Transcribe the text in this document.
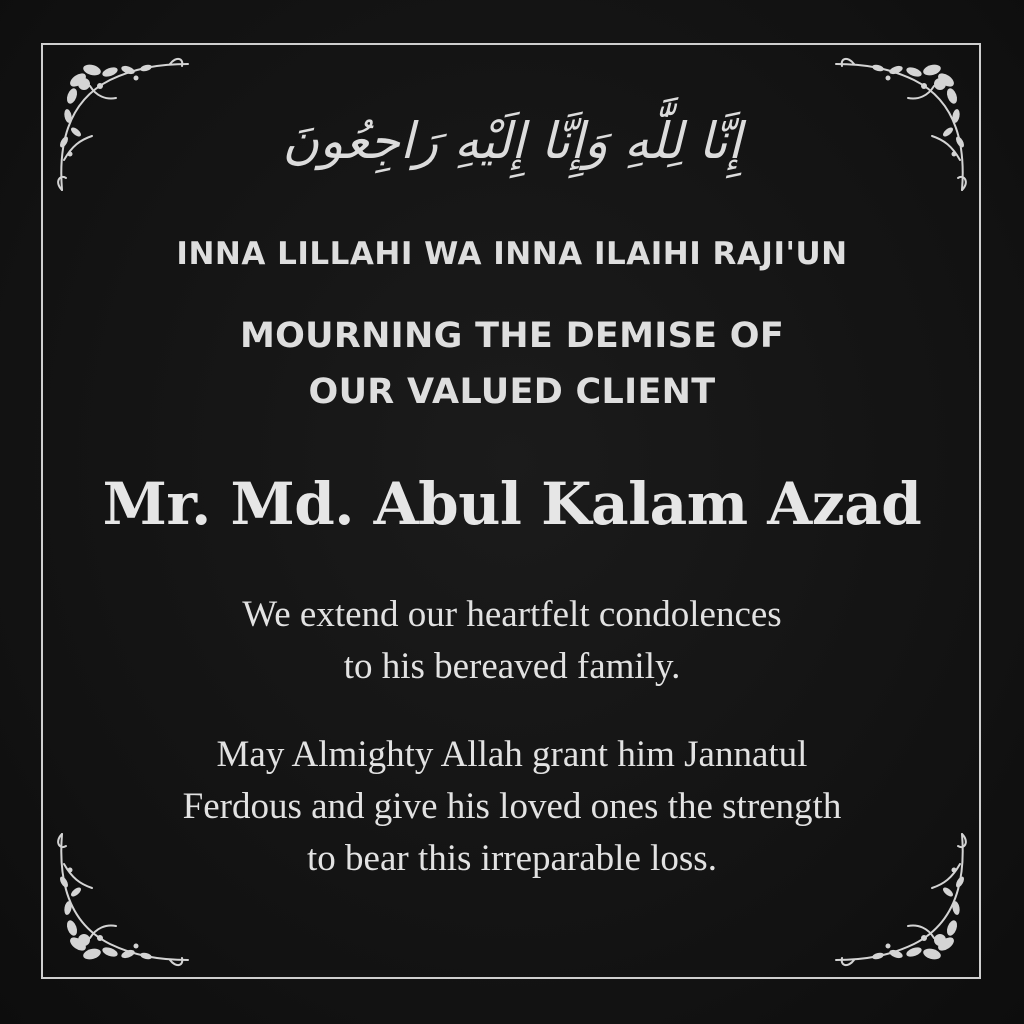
إِنَّا لِلَّٰهِ وَإِنَّا إِلَيْهِ رَاجِعُونَ

INNA LILLAHI WA INNA ILAIHI RAJI'UN

MOURNING THE DEMISE OF

OUR VALUED CLIENT

Mr. Md. Abul Kalam Azad

We extend our heartfelt condolences

to his bereaved family.

May Almighty Allah grant him Jannatul

Ferdous and give his loved ones the strength

to bear this irreparable loss.
